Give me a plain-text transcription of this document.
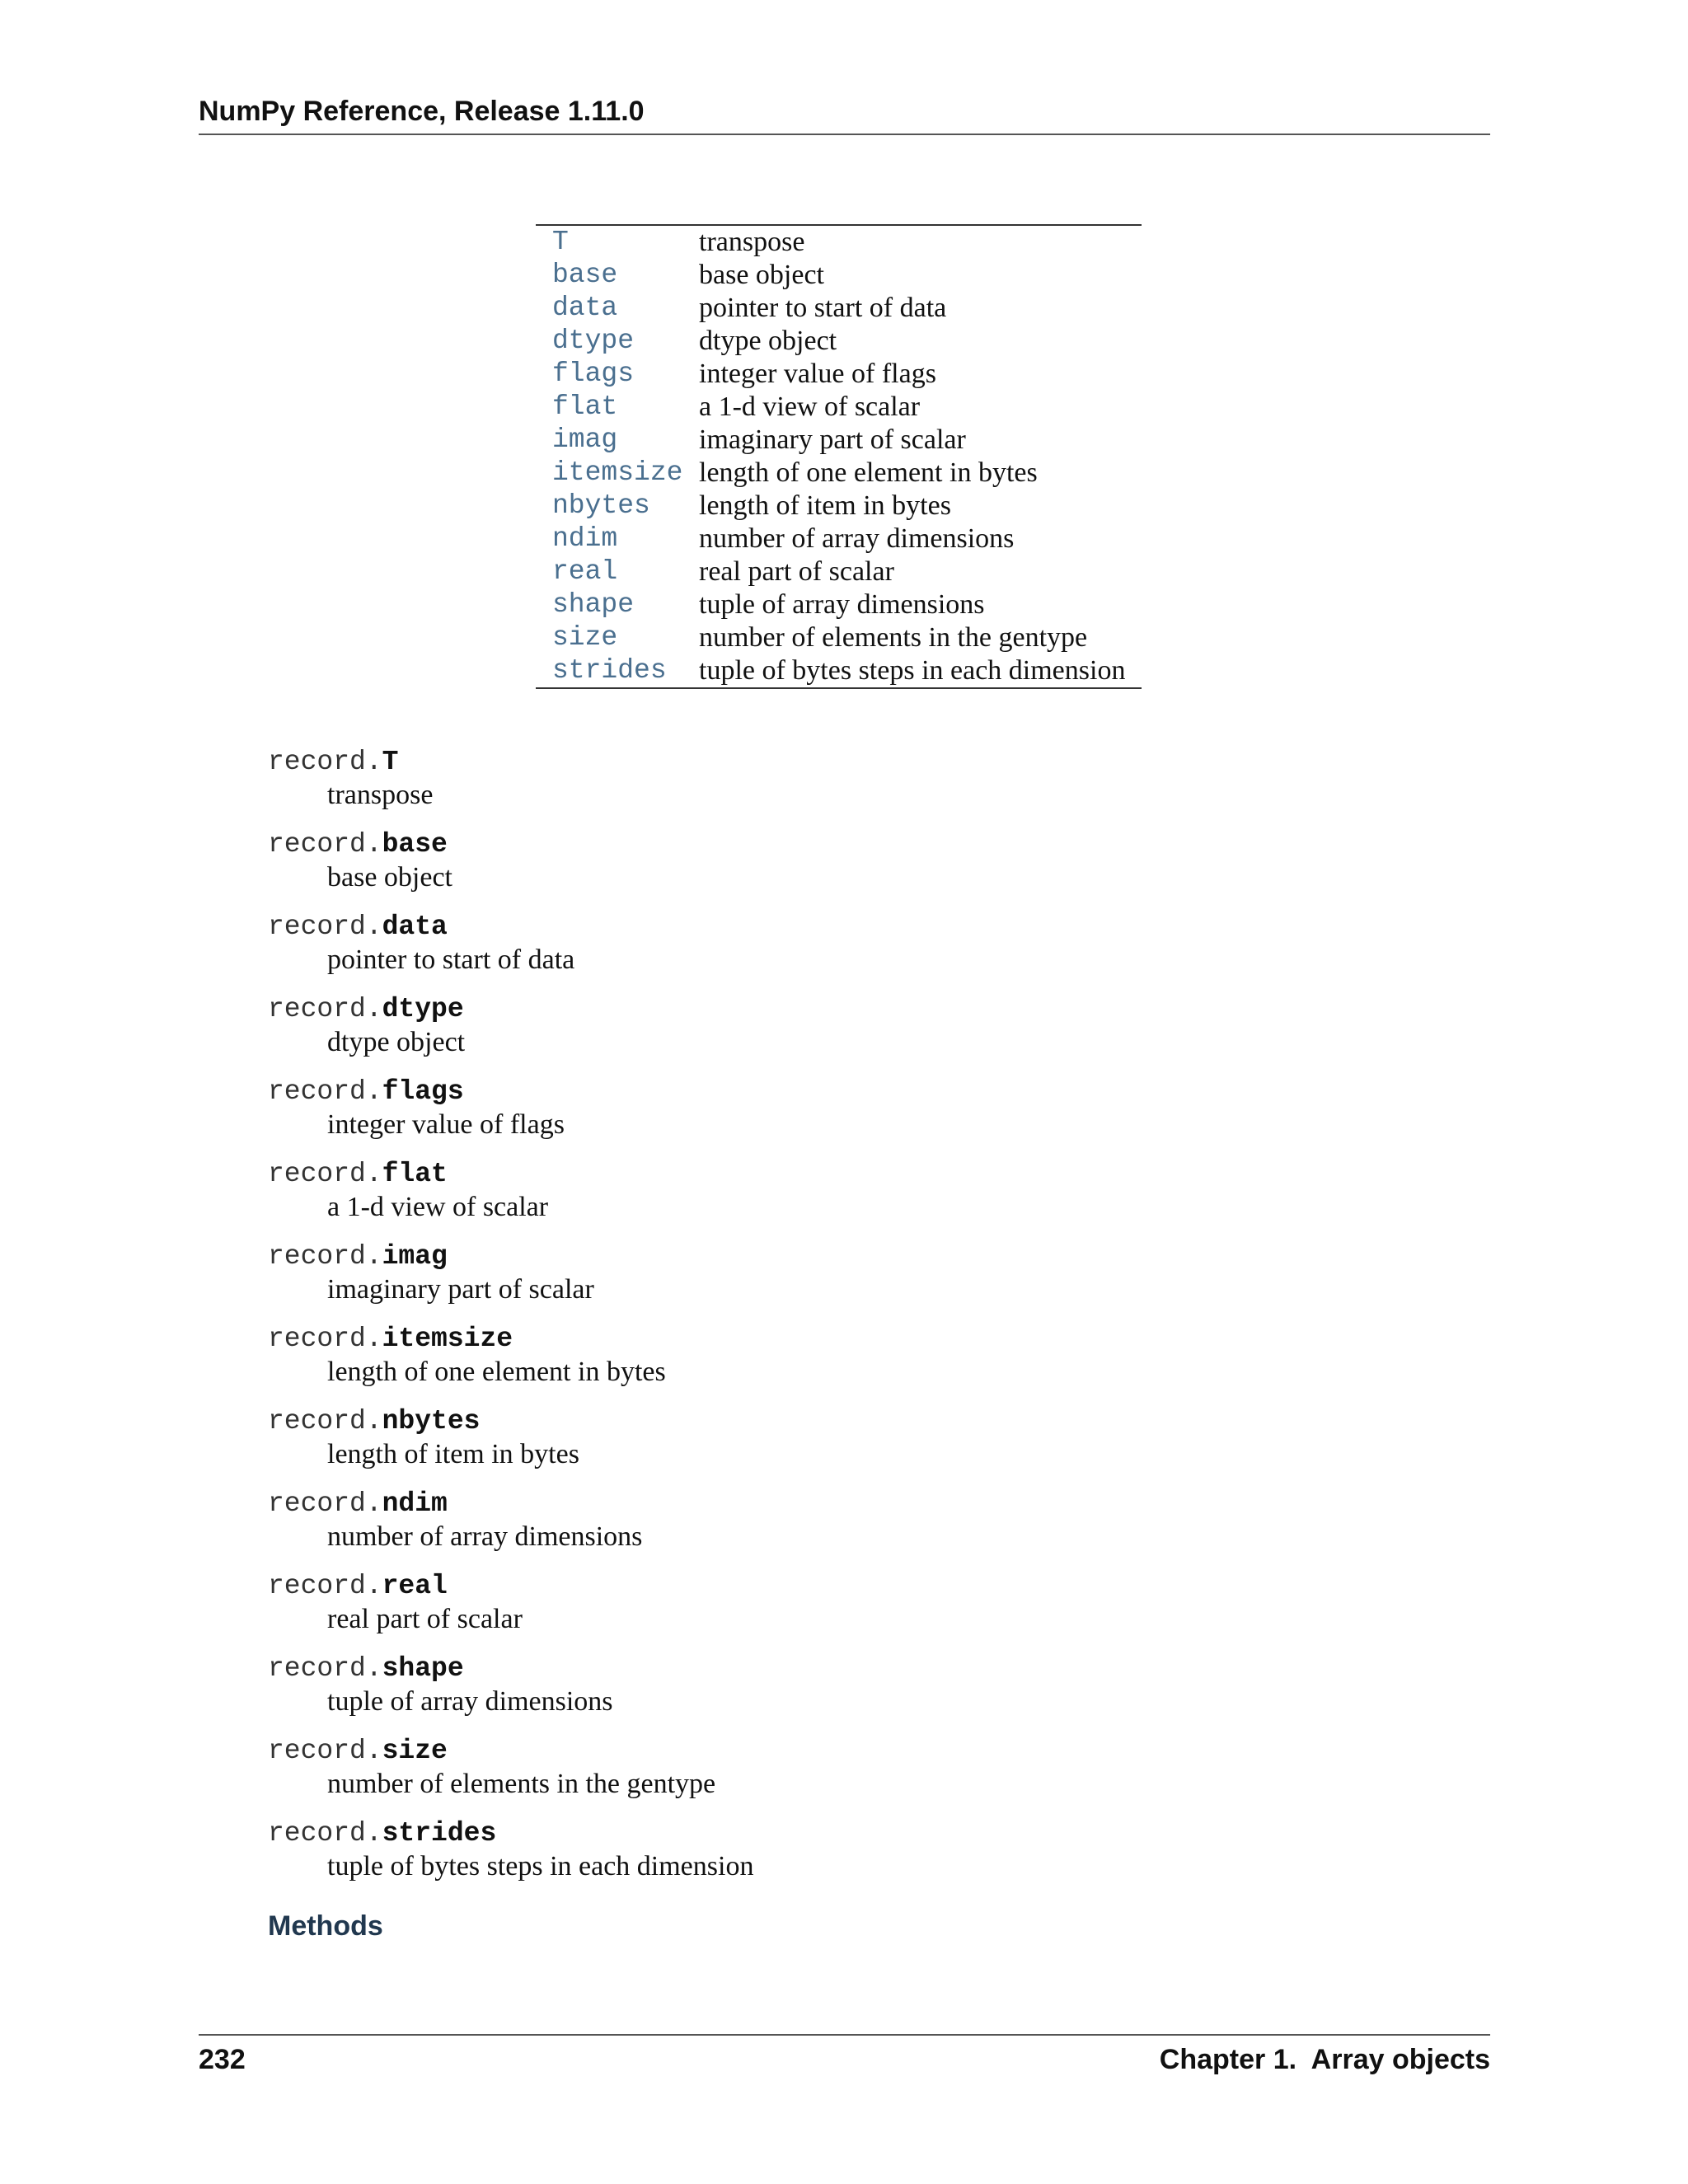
NumPy Reference, Release 1.11.0
T	transpose
base	base object
data	pointer to start of data
dtype	dtype object
flags	integer value of flags
flat	a 1-d view of scalar
imag	imaginary part of scalar
itemsize	length of one element in bytes
nbytes	length of item in bytes
ndim	number of array dimensions
real	real part of scalar
shape	tuple of array dimensions
size	number of elements in the gentype
strides	tuple of bytes steps in each dimension
record.T
transpose
record.base
base object
record.data
pointer to start of data
record.dtype
dtype object
record.flags
integer value of flags
record.flat
a 1-d view of scalar
record.imag
imaginary part of scalar
record.itemsize
length of one element in bytes
record.nbytes
length of item in bytes
record.ndim
number of array dimensions
record.real
real part of scalar
record.shape
tuple of array dimensions
record.size
number of elements in the gentype
record.strides
tuple of bytes steps in each dimension
Methods
232	Chapter 1.  Array objects
